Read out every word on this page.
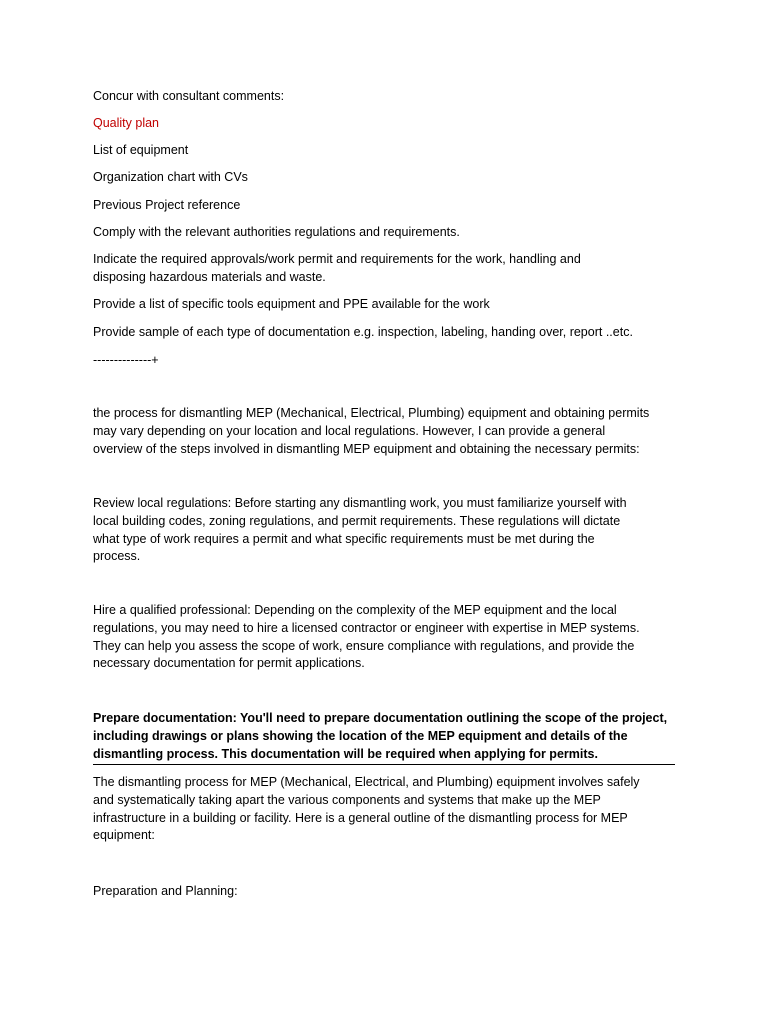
Concur with consultant comments:

Quality plan

List of equipment

Organization chart with CVs

Previous Project reference

Comply with the relevant authorities regulations and requirements.

Indicate the required approvals/work permit and requirements for the work, handling and
disposing hazardous materials and waste.

Provide a list of specific tools equipment and PPE available for the work

Provide sample of each type of documentation e.g. inspection, labeling, handing over, report ..etc.

--------------+

the process for dismantling MEP (Mechanical, Electrical, Plumbing) equipment and obtaining permits
may vary depending on your location and local regulations. However, I can provide a general
overview of the steps involved in dismantling MEP equipment and obtaining the necessary permits:

Review local regulations: Before starting any dismantling work, you must familiarize yourself with
local building codes, zoning regulations, and permit requirements. These regulations will dictate
what type of work requires a permit and what specific requirements must be met during the
process.

Hire a qualified professional: Depending on the complexity of the MEP equipment and the local
regulations, you may need to hire a licensed contractor or engineer with expertise in MEP systems.
They can help you assess the scope of work, ensure compliance with regulations, and provide the
necessary documentation for permit applications.

Prepare documentation: You'll need to prepare documentation outlining the scope of the project,
including drawings or plans showing the location of the MEP equipment and details of the
dismantling process. This documentation will be required when applying for permits.

The dismantling process for MEP (Mechanical, Electrical, and Plumbing) equipment involves safely
and systematically taking apart the various components and systems that make up the MEP
infrastructure in a building or facility. Here is a general outline of the dismantling process for MEP
equipment:

Preparation and Planning:
